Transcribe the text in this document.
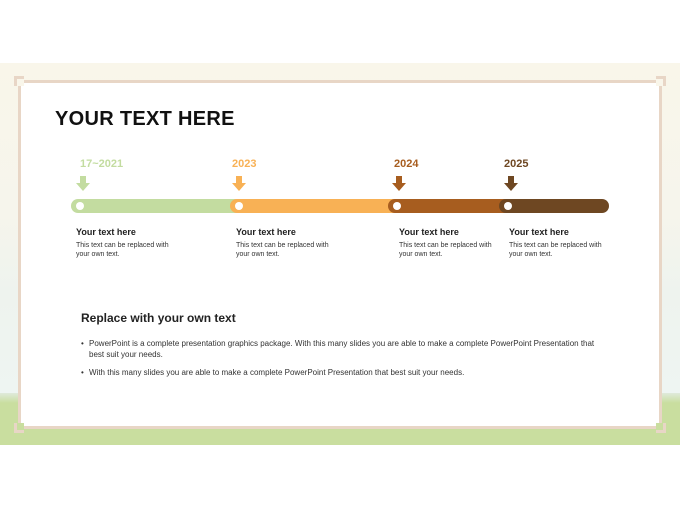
YOUR TEXT HERE
17~2021
Your text here
This text can be replaced with your own text.
2023
Your text here
This text can be replaced with your own text.
2024
Your text here
This text can be replaced with your own text.
2025
Your text here
This text can be replaced with your own text.
Replace with your own text
• PowerPoint is a complete presentation graphics package. With this many slides you are able to make a complete PowerPoint Presentation that best suit your needs.
• With this many slides you are able to make a complete PowerPoint Presentation that best suit your needs.
